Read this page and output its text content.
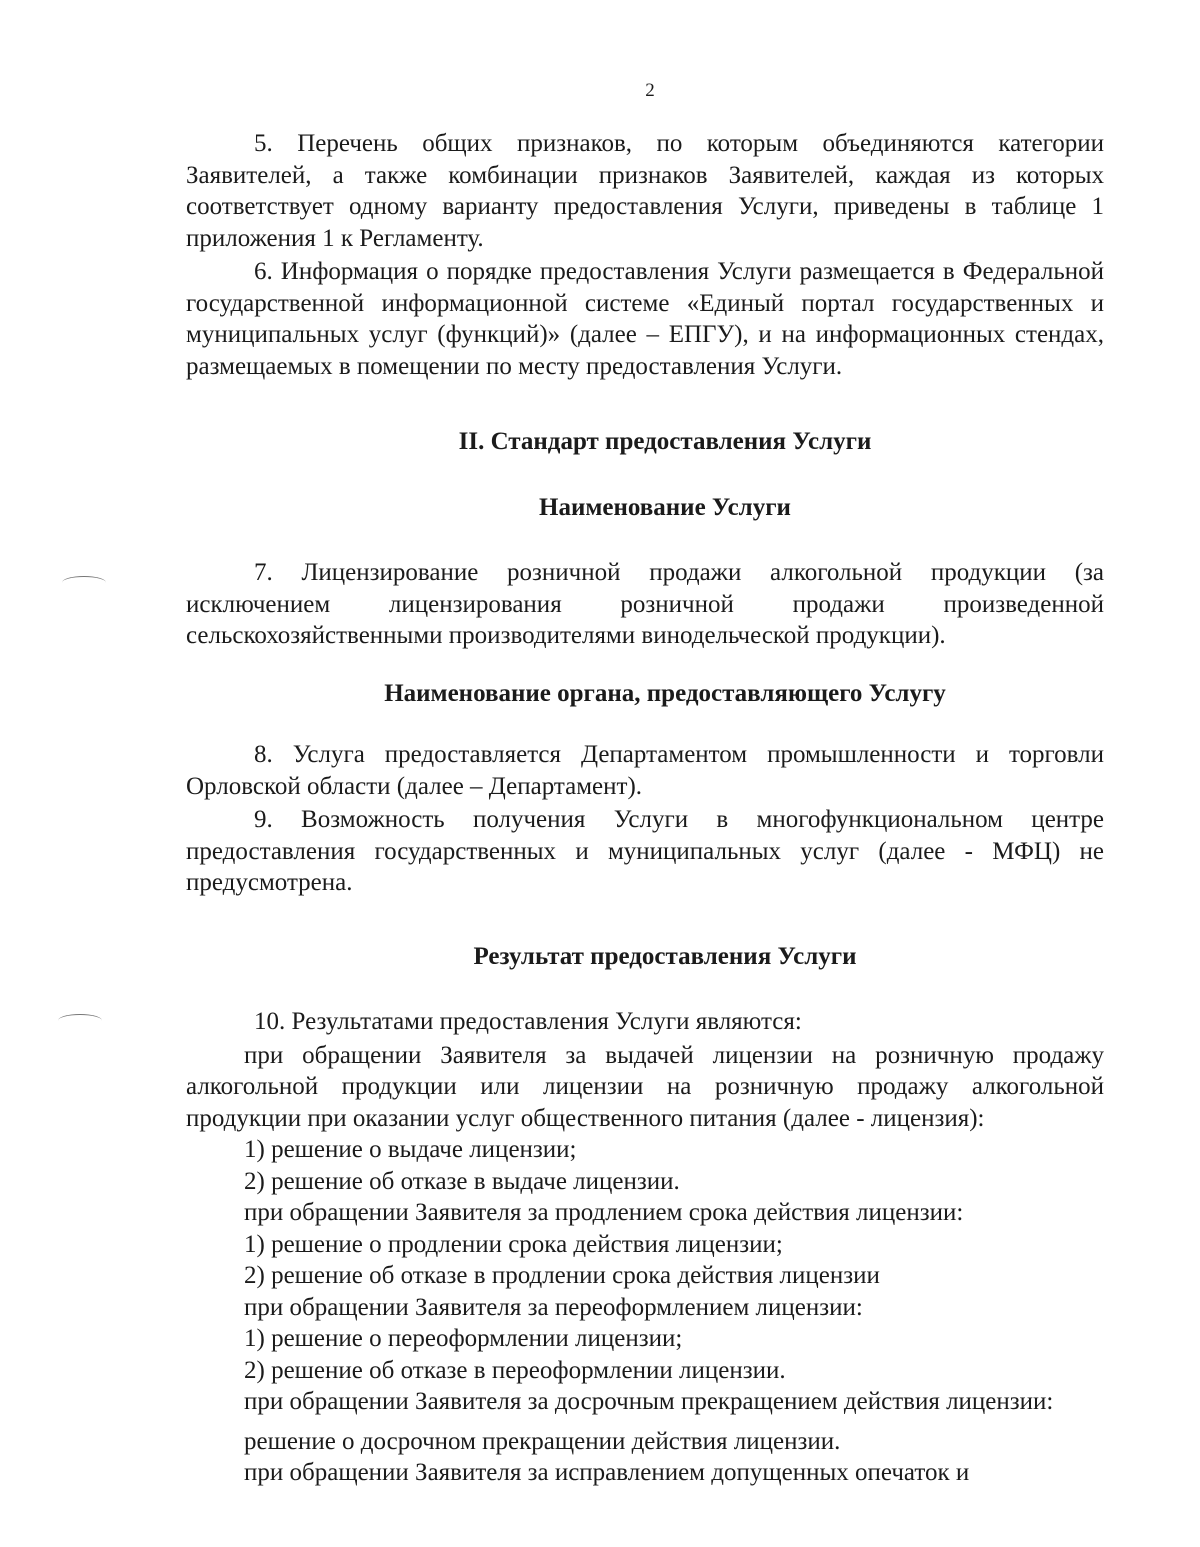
2

5. Перечень общих признаков, по которым объединяются категории Заявителей, а также комбинации признаков Заявителей, каждая из которых соответствует одному варианту предоставления Услуги, приведены в таблице 1 приложения 1 к Регламенту.

6. Информация о порядке предоставления Услуги размещается в Федеральной государственной информационной системе «Единый портал государственных и муниципальных услуг (функций)» (далее – ЕПГУ), и на информационных стендах, размещаемых в помещении по месту предоставления Услуги.

II. Стандарт предоставления Услуги
Наименование Услуги

7. Лицензирование розничной продажи алкогольной продукции (за исключением лицензирования розничной продажи произведенной сельскохозяйственными производителями винодельческой продукции).

Наименование органа, предоставляющего Услугу

8. Услуга предоставляется Департаментом промышленности и торговли Орловской области (далее – Департамент).

9. Возможность получения Услуги в многофункциональном центре предоставления государственных и муниципальных услуг (далее - МФЦ) не предусмотрена.

Результат предоставления Услуги

10. Результатами предоставления Услуги являются:

при обращении Заявителя за выдачей лицензии на розничную продажу алкогольной продукции или лицензии на розничную продажу алкогольной продукции при оказании услуг общественного питания (далее - лицензия):

1) решение о выдаче лицензии;

2) решение об отказе в выдаче лицензии.

при обращении Заявителя за продлением срока действия лицензии:

1) решение о продлении срока действия лицензии;

2) решение об отказе в продлении срока действия лицензии

при обращении Заявителя за переоформлением лицензии:

1) решение о переоформлении лицензии;

2) решение об отказе в переоформлении лицензии.

при обращении Заявителя за досрочным прекращением действия лицензии:

решение о досрочном прекращении действия лицензии.

при обращении Заявителя за исправлением допущенных опечаток и
